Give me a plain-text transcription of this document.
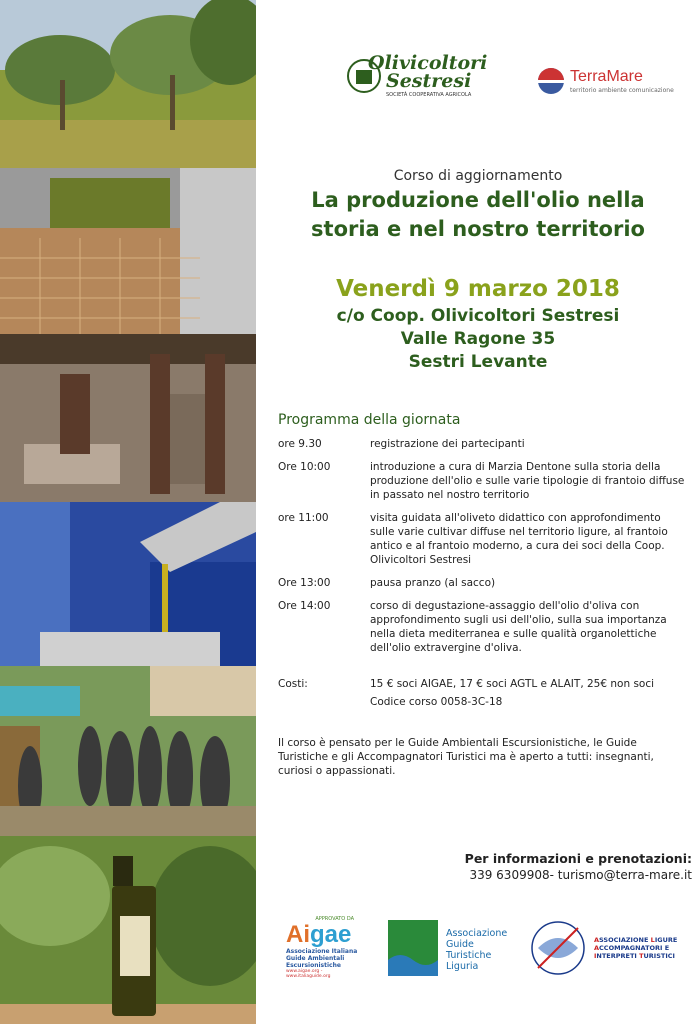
Olivicoltori
Sestresi
SOCIETÀ COOPERATIVA AGRICOLA
TerraMare
territorio ambiente comunicazione
Corso di aggiornamento
La produzione dell'olio nella
storia e nel nostro territorio
Venerdì 9 marzo 2018
c/o Coop. Olivicoltori Sestresi
Valle Ragone 35
Sestri Levante
Programma della giornata
ore 9.30	registrazione dei partecipanti
Ore 10:00	introduzione a cura di Marzia Dentone sulla storia della produzione dell'olio e sulle varie tipologie di frantoio diffuse in passato nel nostro territorio
ore 11:00	visita guidata all'oliveto didattico con approfondimento sulle varie cultivar diffuse nel territorio ligure, al frantoio antico e al frantoio moderno, a cura dei soci della Coop. Olivicoltori Sestresi
Ore 13:00	pausa pranzo (al sacco)
Ore 14:00	corso di degustazione-assaggio dell'olio d'oliva con approfondimento sugli usi dell'olio, sulla sua importanza nella dieta mediterranea e sulle qualità organolettiche dell'olio extravergine d'oliva.
Costi:	15 € soci AIGAE, 17 € soci AGTL e ALAIT, 25€ non soci
Codice corso 0058-3C-18
Il corso è pensato per le Guide Ambientali Escursionistiche, le Guide Turistiche e gli Accompagnatori Turistici ma è aperto a tutti: insegnanti, curiosi o appassionati.
Per informazioni e prenotazioni:
339 6309908- turismo@terra-mare.it
APPROVATO DA
Aigae
Associazione Italiana Guide Ambientali Escursionistiche
www.aigae.org - www.italiaguide.org
Associazione
Guide
Turistiche
Liguria
ASSOCIAZIONE LIGURE
ACCOMPAGNATORI E
INTERPRETI TURISTICI
